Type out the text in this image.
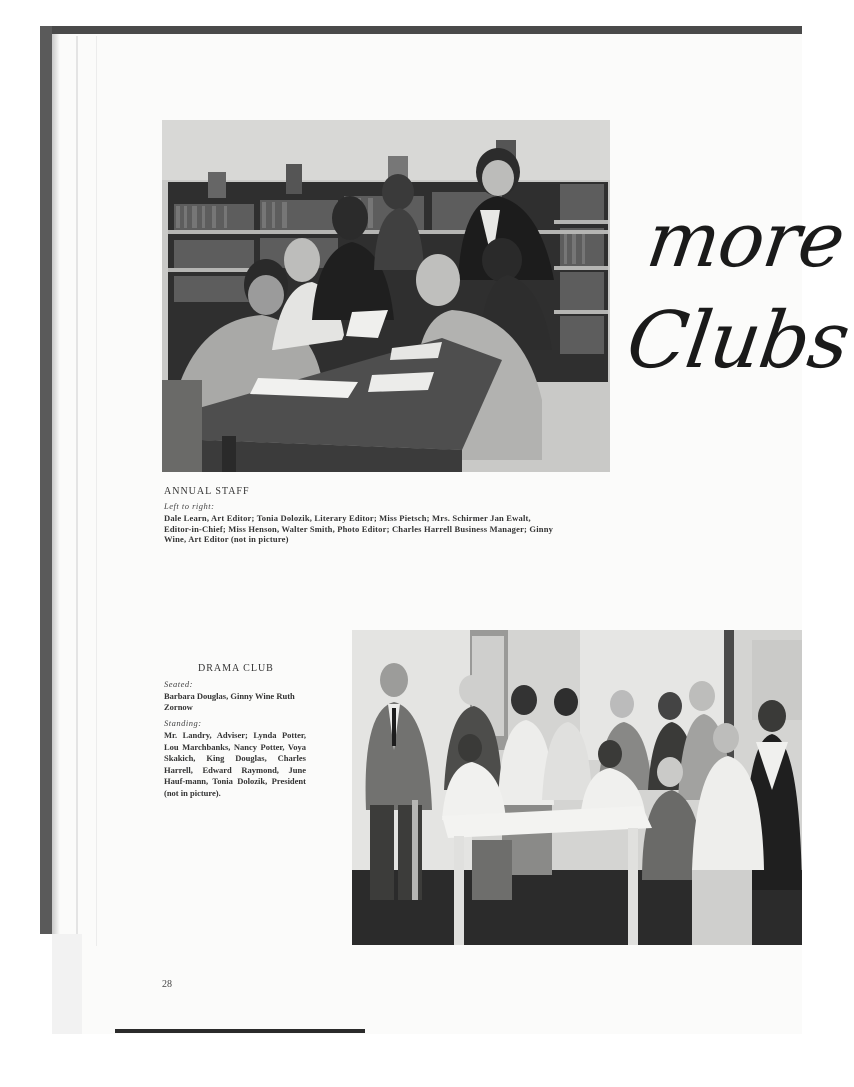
more
Clubs
ANNUAL STAFF
Left to right:
Dale Learn, Art Editor; Tonia Dolozik, Literary Editor; Miss Pietsch; Mrs. Schirmer Jan Ewalt, Editor-in-Chief; Miss Henson, Walter Smith, Photo Editor; Charles Harrell Business Manager; Ginny Wine, Art Editor (not in picture)
DRAMA CLUB
Seated:
Barbara Douglas, Ginny Wine Ruth Zornow
Standing:
Mr. Landry, Adviser; Lynda Potter, Lou Marchbanks, Nancy Potter, Voya Skakich, King Douglas, Charles Harrell, Edward Raymond, June Hauf-mann, Tonia Dolozik, President (not in picture).
28
